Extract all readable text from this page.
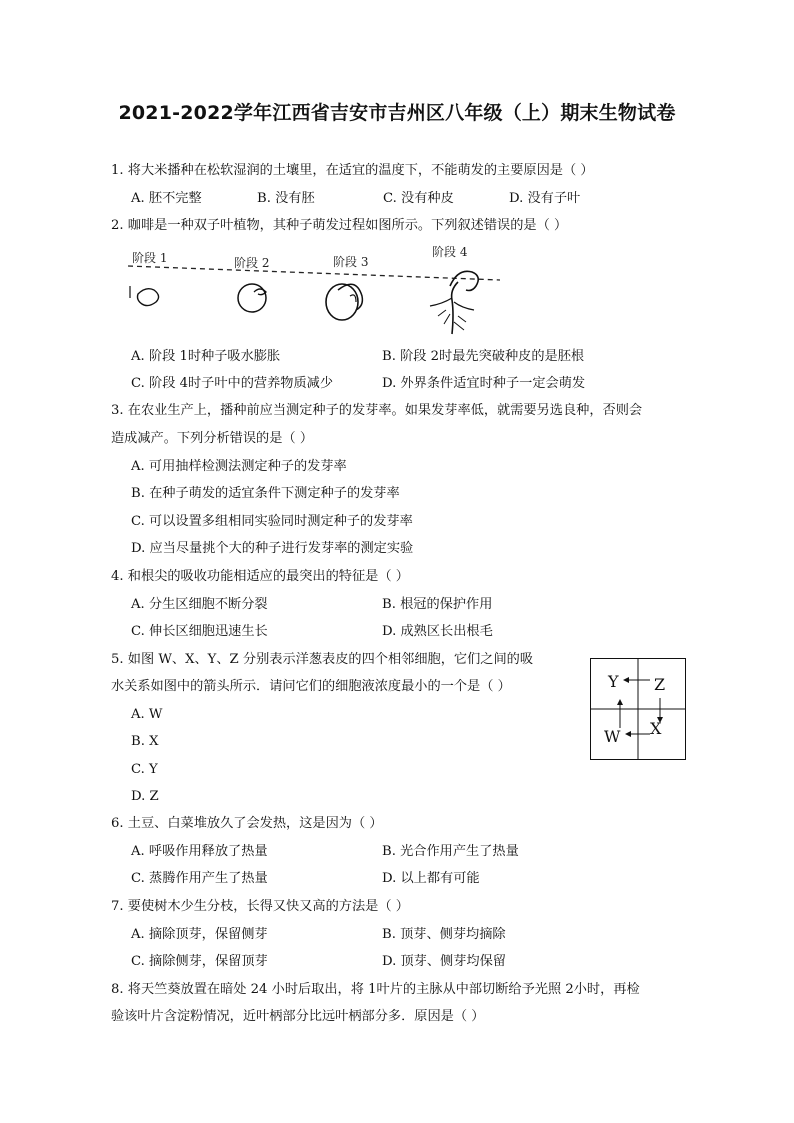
2021-2022学年江西省吉安市吉州区八年级（上）期末生物试卷
1. 将大米播种在松软湿润的土壤里，在适宜的温度下，不能萌发的主要原因是（ ）
A. 胚不完整	B. 没有胚	C. 没有种皮	D. 没有子叶
2. 咖啡是一种双子叶植物，其种子萌发过程如图所示。下列叙述错误的是（ ）
阶段 1	阶段 2	阶段 3
阶段 4
A. 阶段 1时种子吸水膨胀	B. 阶段 2时最先突破种皮的是胚根
C. 阶段 4时子叶中的营养物质减少	D. 外界条件适宜时种子一定会萌发
3. 在农业生产上，播种前应当测定种子的发芽率。如果发芽率低，就需要另选良种，否则会
造成减产。下列分析错误的是（ ）
A. 可用抽样检测法测定种子的发芽率
B. 在种子萌发的适宜条件下测定种子的发芽率
C. 可以设置多组相同实验同时测定种子的发芽率
D. 应当尽量挑个大的种子进行发芽率的测定实验
4. 和根尖的吸收功能相适应的最突出的特征是（ ）
A. 分生区细胞不断分裂	B. 根冠的保护作用
C. 伸长区细胞迅速生长	D. 成熟区长出根毛
5. 如图 W、X、Y、Z 分别表示洋葱表皮的四个相邻细胞，它们之间的吸
水关系如图中的箭头所示．请问它们的细胞液浓度最小的一个是（ ）
A. W
B. X
C. Y
D. Z
Y Z
W X
6. 土豆、白菜堆放久了会发热，这是因为（ ）
A. 呼吸作用释放了热量	B. 光合作用产生了热量
C. 蒸腾作用产生了热量	D. 以上都有可能
7. 要使树木少生分枝，长得又快又高的方法是（ ）
A. 摘除顶芽，保留侧芽	B. 顶芽、侧芽均摘除
C. 摘除侧芽，保留顶芽	D. 顶芽、侧芽均保留
8. 将天竺葵放置在暗处 24 小时后取出，将 1叶片的主脉从中部切断给予光照 2小时，再检
验该叶片含淀粉情况，近叶柄部分比远叶柄部分多．原因是（ ）
